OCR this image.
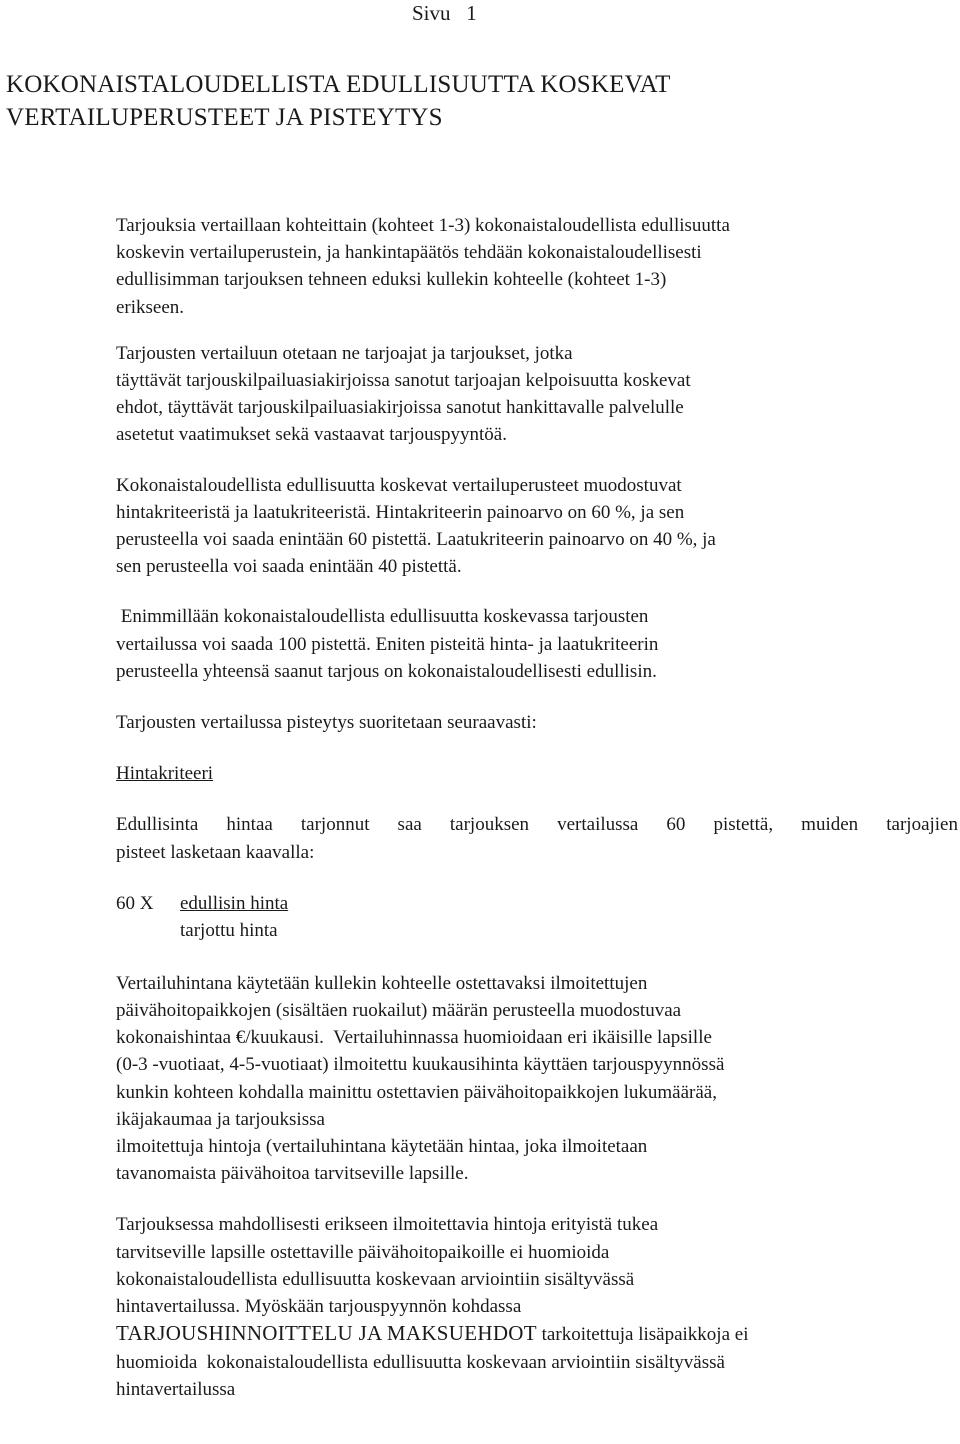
Sivu   1
KOKONAISTALOUDELLISTA EDULLISUUTTA KOSKEVAT
VERTAILUPERUSTEET JA PISTEYTYS

Tarjouksia vertaillaan kohteittain (kohteet 1-3) kokonaistaloudellista edullisuutta
koskevin vertailuperustein, ja hankintapäätös tehdään kokonaistaloudellisesti
edullisimman tarjouksen tehneen eduksi kullekin kohteelle (kohteet 1-3)
erikseen.

Tarjousten vertailuun otetaan ne tarjoajat ja tarjoukset, jotka
täyttävät tarjouskilpailuasiakirjoissa sanotut tarjoajan kelpoisuutta koskevat
ehdot, täyttävät tarjouskilpailuasiakirjoissa sanotut hankittavalle palvelulle
asetetut vaatimukset sekä vastaavat tarjouspyyntöä.

Kokonaistaloudellista edullisuutta koskevat vertailuperusteet muodostuvat
hintakriteeristä ja laatukriteeristä. Hintakriteerin painoarvo on 60 %, ja sen
perusteella voi saada enintään 60 pistettä. Laatukriteerin painoarvo on 40 %, ja
sen perusteella voi saada enintään 40 pistettä.

Enimmillään kokonaistaloudellista edullisuutta koskevassa tarjousten
vertailussa voi saada 100 pistettä. Eniten pisteitä hinta- ja laatukriteerin
perusteella yhteensä saanut tarjous on kokonaistaloudellisesti edullisin.

Tarjousten vertailussa pisteytys suoritetaan seuraavasti:

Hintakriteeri

Edullisinta hintaa tarjonnut saa tarjouksen vertailussa 60 pistettä, muiden tarjoajien
pisteet lasketaan kaavalla:

60 X edullisin hinta
tarjottu hinta

Vertailuhintana käytetään kullekin kohteelle ostettavaksi ilmoitettujen
päivähoitopaikkojen (sisältäen ruokailut) määrän perusteella muodostuvaa
kokonaishintaa €/kuukausi.  Vertailuhinnassa huomioidaan eri ikäisille lapsille
(0-3 -vuotiaat, 4-5-vuotiaat) ilmoitettu kuukausihinta käyttäen tarjouspyynnössä
kunkin kohteen kohdalla mainittu ostettavien päivähoitopaikkojen lukumäärää,
ikäjakaumaa ja tarjouksissa
ilmoitettuja hintoja (vertailuhintana käytetään hintaa, joka ilmoitetaan
tavanomaista päivähoitoa tarvitseville lapsille.

Tarjouksessa mahdollisesti erikseen ilmoitettavia hintoja erityistä tukea
tarvitseville lapsille ostettaville päivähoitopaikoille ei huomioida
kokonaistaloudellista edullisuutta koskevaan arviointiin sisältyvässä
hintavertailussa. Myöskään tarjouspyynnön kohdassa
TARJOUSHINNOITTELU JA MAKSUEHDOT tarkoitettuja lisäpaikkoja ei
huomioida  kokonaistaloudellista edullisuutta koskevaan arviointiin sisältyvässä
hintavertailussa
